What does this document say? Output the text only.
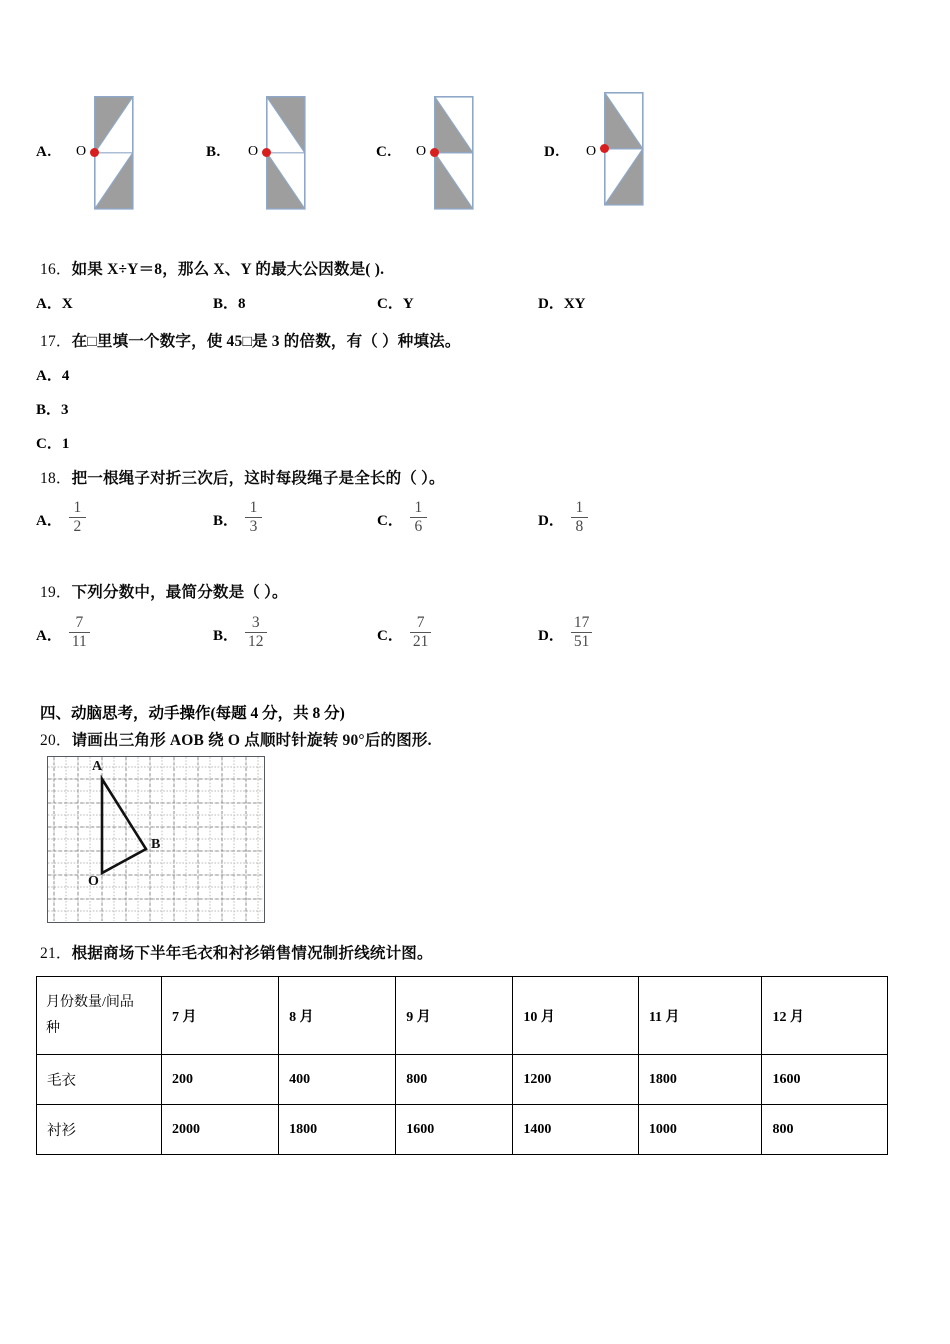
A. O	B. O	C. O	D. O
16．如果 X÷Y＝8，那么 X、Y 的最大公因数是( ).
A．X	B．8	C．Y	D．XY
17．在□里填一个数字，使 45□是 3 的倍数，有（ ）种填法。
A．4
B．3
C．1
18．把一根绳子对折三次后，这时每段绳子是全长的（ ）。
A． $\frac{1}{2}$	B． $\frac{1}{3}$	C． $\frac{1}{6}$	D． $\frac{1}{8}$
19．下列分数中，最简分数是（ ）。
A． $\frac{7}{11}$	B． $\frac{3}{12}$	C． $\frac{7}{21}$	D． $\frac{17}{51}$
四、动脑思考，动手操作(每题 4 分，共 8 分)
20．请画出三角形 AOB 绕 O 点顺时针旋转 90°后的图形.
A
B
O
21．根据商场下半年毛衣和衬衫销售情况制折线统计图。
月份数量/间品
种	7 月	8 月	9 月	10 月	11 月	12 月
毛衣	200	400	800	1200	1800	1600
衬衫	2000	1800	1600	1400	1000	800
